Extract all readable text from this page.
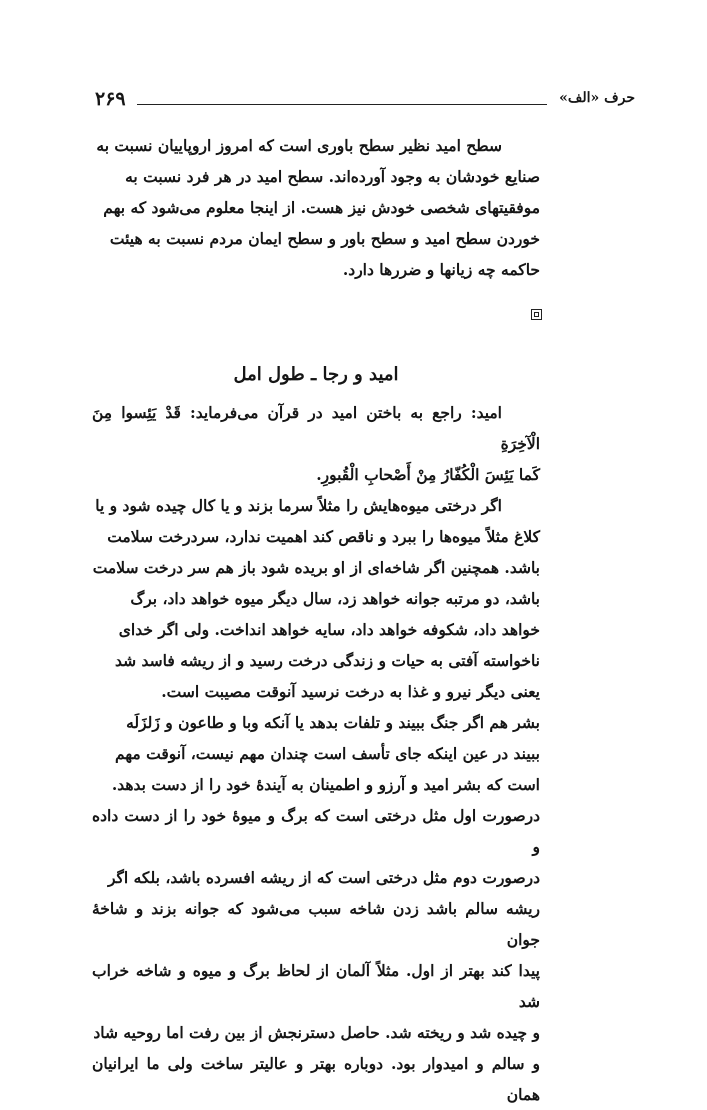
۲۶۹	حرف «الف»

سطح امید نظیر سطح باوری است که امروز اروپاییان نسبت به

صنایع خودشان به وجود آورده‌اند. سطح امید در هر فرد نسبت به

موفقیتهای شخصی خودش نیز هست. از اینجا معلوم می‌شود که بهم

خوردن سطح امید و سطح باور و سطح ایمان مردم نسبت به هیئت

حاکمه چه زیانها و ضررها دارد.

امید و رجا ـ طول امل

امید: راجع به باختن امید در قرآن می‌فرماید: قَدْ يَئِسوا مِنَ الْآخِرَةِ

كَما يَئِسَ الْكُفّارُ مِنْ أَصْحابِ الْقُبورِ.

اگر درختی میوه‌هایش را مثلاً سرما بزند و یا کال چیده شود و یا

کلاغ مثلاً میوه‌ها را ببرد و ناقص کند اهمیت ندارد، سردرخت سلامت

باشد. همچنین اگر شاخه‌ای از او بریده شود باز هم سر درخت سلامت

باشد، دو مرتبه جوانه خواهد زد، سال دیگر میوه خواهد داد، برگ

خواهد داد، شکوفه خواهد داد، سایه خواهد انداخت. ولی اگر خدای

ناخواسته آفتی به حیات و زندگی درخت رسید و از ریشه فاسد شد

یعنی دیگر نیرو و غذا به درخت نرسید آنوقت مصیبت است.

بشر هم اگر جنگ ببیند و تلفات بدهد یا آنکه وبا و طاعون و زَلزَلَه

ببیند در عین اینکه جای تأسف است چندان مهم نیست، آنوقت مهم

است که بشر امید و آرزو و اطمینان به آیندهٔ خود را از دست بدهد.

درصورت اول مثل درختی است که برگ و میوهٔ خود را از دست داده و

درصورت دوم مثل درختی است که از ریشه افسرده باشد، بلکه اگر

ریشه سالم باشد زدن شاخه سبب می‌شود که جوانه بزند و شاخهٔ جوان

پیدا کند بهتر از اول. مثلاً آلمان از لحاظ برگ و میوه و شاخه خراب شد

و چیده شد و ریخته شد. حاصل دسترنجش از بین رفت اما روحیه شاد

و سالم و امیدوار بود. دوباره بهتر و عالیتر ساخت ولی ما ایرانیان همان
